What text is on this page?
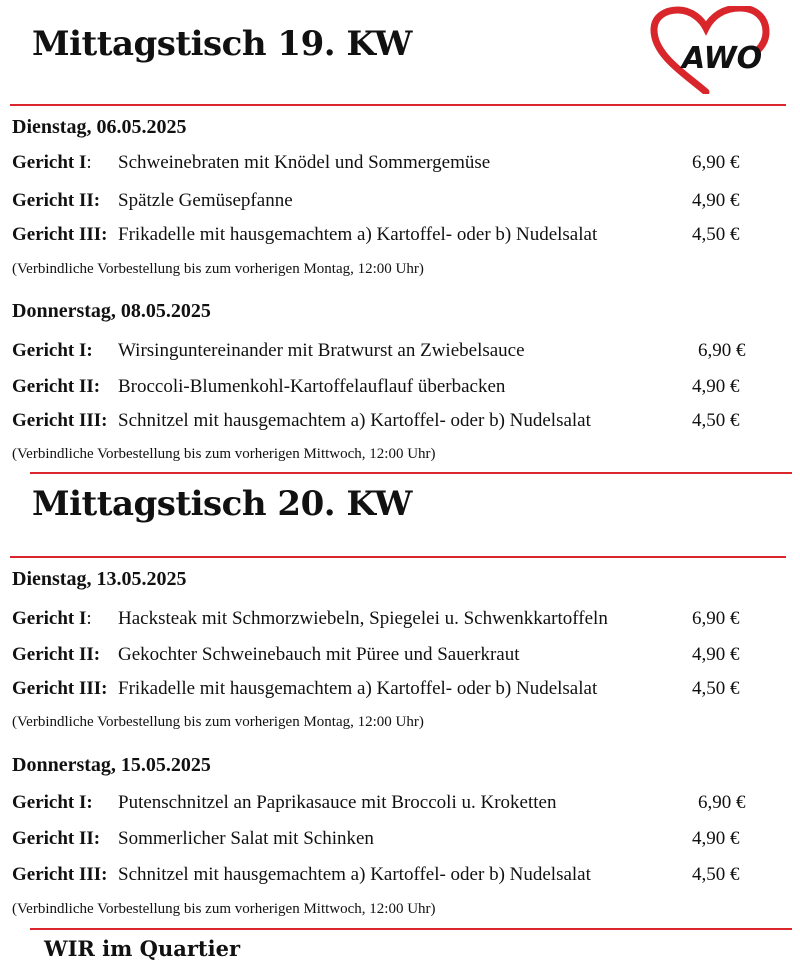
AWO
Mittagstisch 19. KW
Dienstag, 06.05.2025
Gericht I: Schweinebraten mit Knödel und Sommergemüse	6,90 €
Gericht II: Spätzle Gemüsepfanne	4,90 €
Gericht III: Frikadelle mit hausgemachtem a) Kartoffel- oder b) Nudelsalat	4,50 €
(Verbindliche Vorbestellung bis zum vorherigen Montag, 12:00 Uhr)
Donnerstag, 08.05.2025
Gericht I: Wirsinguntereinander mit Bratwurst an Zwiebelsauce	6,90 €
Gericht II: Broccoli-Blumenkohl-Kartoffelauflauf überbacken	4,90 €
Gericht III: Schnitzel mit hausgemachtem a) Kartoffel- oder b) Nudelsalat	4,50 €
(Verbindliche Vorbestellung bis zum vorherigen Mittwoch, 12:00 Uhr)
Mittagstisch 20. KW
Dienstag, 13.05.2025
Gericht I: Hacksteak mit Schmorzwiebeln, Spiegelei u. Schwenkkartoffeln	6,90 €
Gericht II: Gekochter Schweinebauch mit Püree und Sauerkraut	4,90 €
Gericht III: Frikadelle mit hausgemachtem a) Kartoffel- oder b) Nudelsalat	4,50 €
(Verbindliche Vorbestellung bis zum vorherigen Montag, 12:00 Uhr)
Donnerstag, 15.05.2025
Gericht I: Putenschnitzel an Paprikasauce mit Broccoli u. Kroketten	6,90 €
Gericht II: Sommerlicher Salat mit Schinken	4,90 €
Gericht III: Schnitzel mit hausgemachtem a) Kartoffel- oder b) Nudelsalat	4,50 €
(Verbindliche Vorbestellung bis zum vorherigen Mittwoch, 12:00 Uhr)
WIR im Quartier
